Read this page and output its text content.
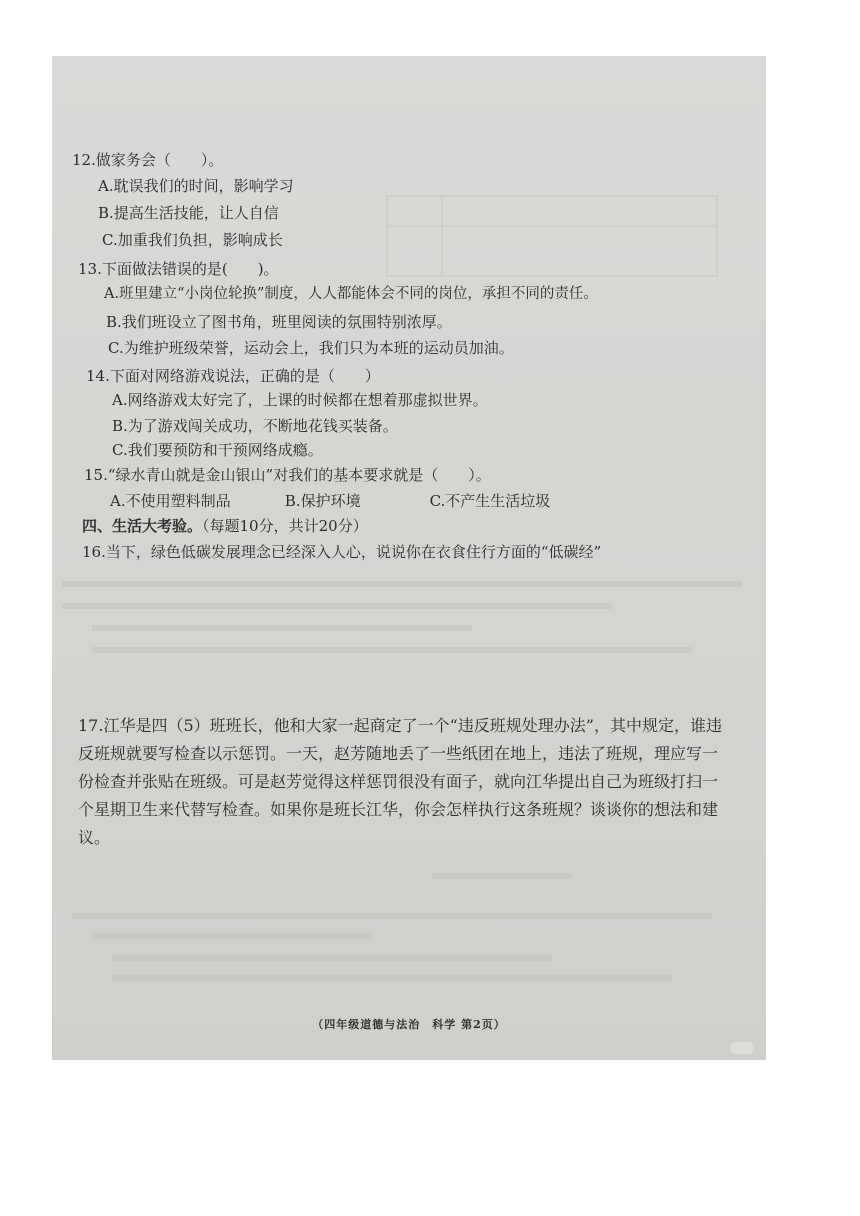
12.做家务会（　　）。
A.耽误我们的时间，影响学习
B.提高生活技能，让人自信
C.加重我们负担，影响成长
13.下面做法错误的是(　　)。
A.班里建立“小岗位轮换”制度，人人都能体会不同的岗位，承担不同的责任。
B.我们班设立了图书角，班里阅读的氛围特别浓厚。
C.为维护班级荣誉，运动会上，我们只为本班的运动员加油。
14.下面对网络游戏说法，正确的是（　　）
A.网络游戏太好完了，上课的时候都在想着那虚拟世界。
B.为了游戏闯关成功，不断地花钱买装备。
C.我们要预防和干预网络成瘾。
15.“绿水青山就是金山银山”对我们的基本要求就是（　　）。
A.不使用塑料制品	B.保护环境	C.不产生生活垃圾
四、生活大考验。（每题10分，共计20分）
16.当下，绿色低碳发展理念已经深入人心，说说你在衣食住行方面的“低碳经”
17.江华是四（5）班班长，他和大家一起商定了一个“违反班规处理办法”，其中规定，谁违反班规就要写检查以示惩罚。一天，赵芳随地丢了一些纸团在地上，违法了班规，理应写一份检查并张贴在班级。可是赵芳觉得这样惩罚很没有面子，就向江华提出自己为班级打扫一个星期卫生来代替写检查。如果你是班长江华，你会怎样执行这条班规？谈谈你的想法和建议。
（四年级道德与法治　科学 第2页）
